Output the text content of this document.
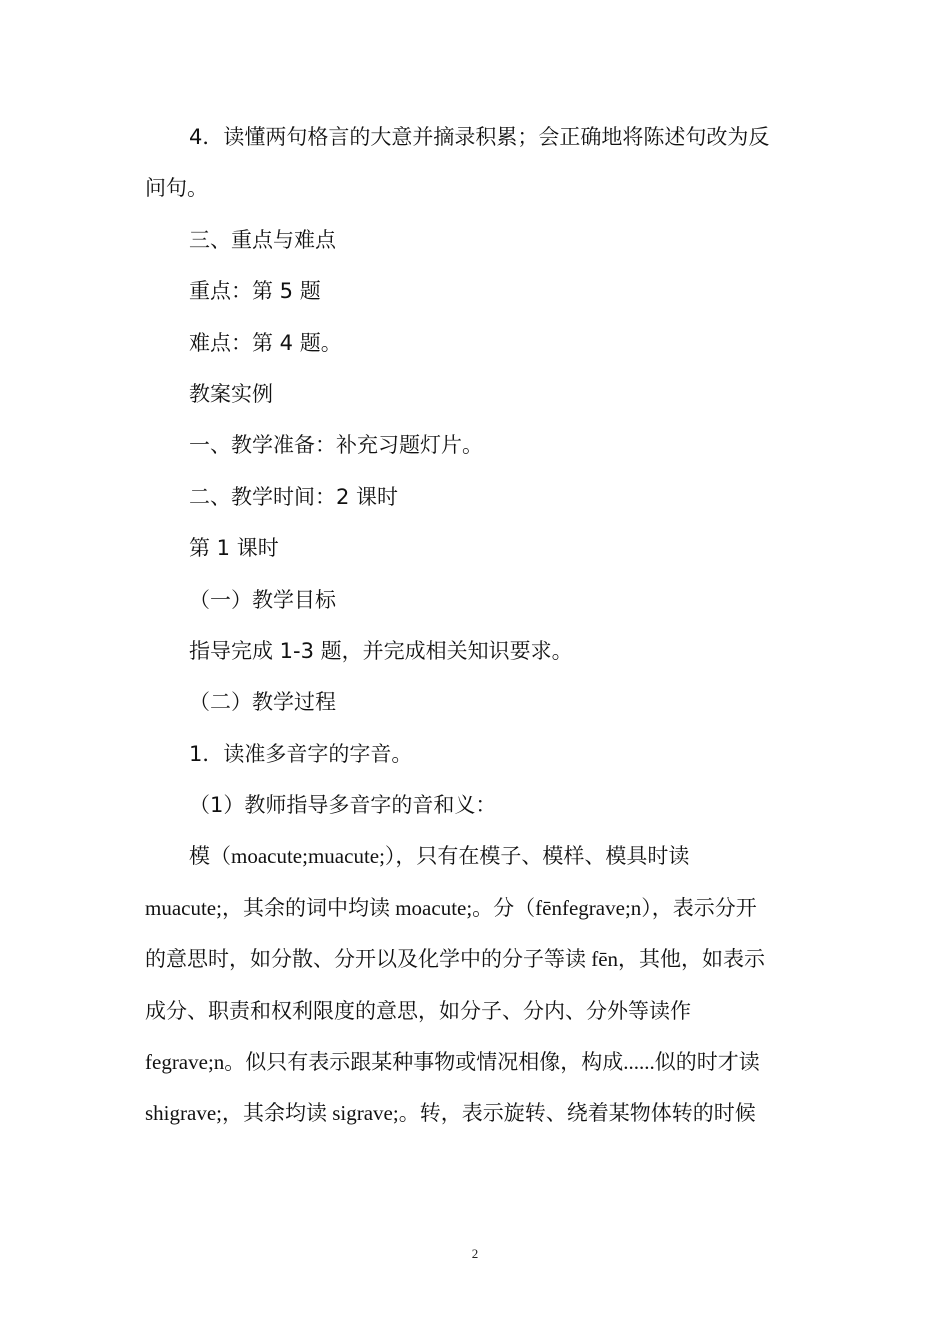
4．读懂两句格言的大意并摘录积累；会正确地将陈述句改为反
问句。
三、重点与难点
重点：第 5 题
难点：第 4 题。
教案实例
一、教学准备：补充习题灯片。
二、教学时间：2 课时
第 1 课时
（一）教学目标
指导完成 1-3 题，并完成相关知识要求。
（二）教学过程
1．读准多音字的字音。
（1）教师指导多音字的音和义：
模（moacute;muacute;），只有在模子、模样、模具时读
muacute;，其余的词中均读 moacute;。分（fēnfegrave;n），表示分开
的意思时，如分散、分开以及化学中的分子等读 fēn，其他，如表示
成分、职责和权利限度的意思，如分子、分内、分外等读作
fegrave;n。似只有表示跟某种事物或情况相像，构成......似的时才读
shigrave;，其余均读 sigrave;。转，表示旋转、绕着某物体转的时候
2
